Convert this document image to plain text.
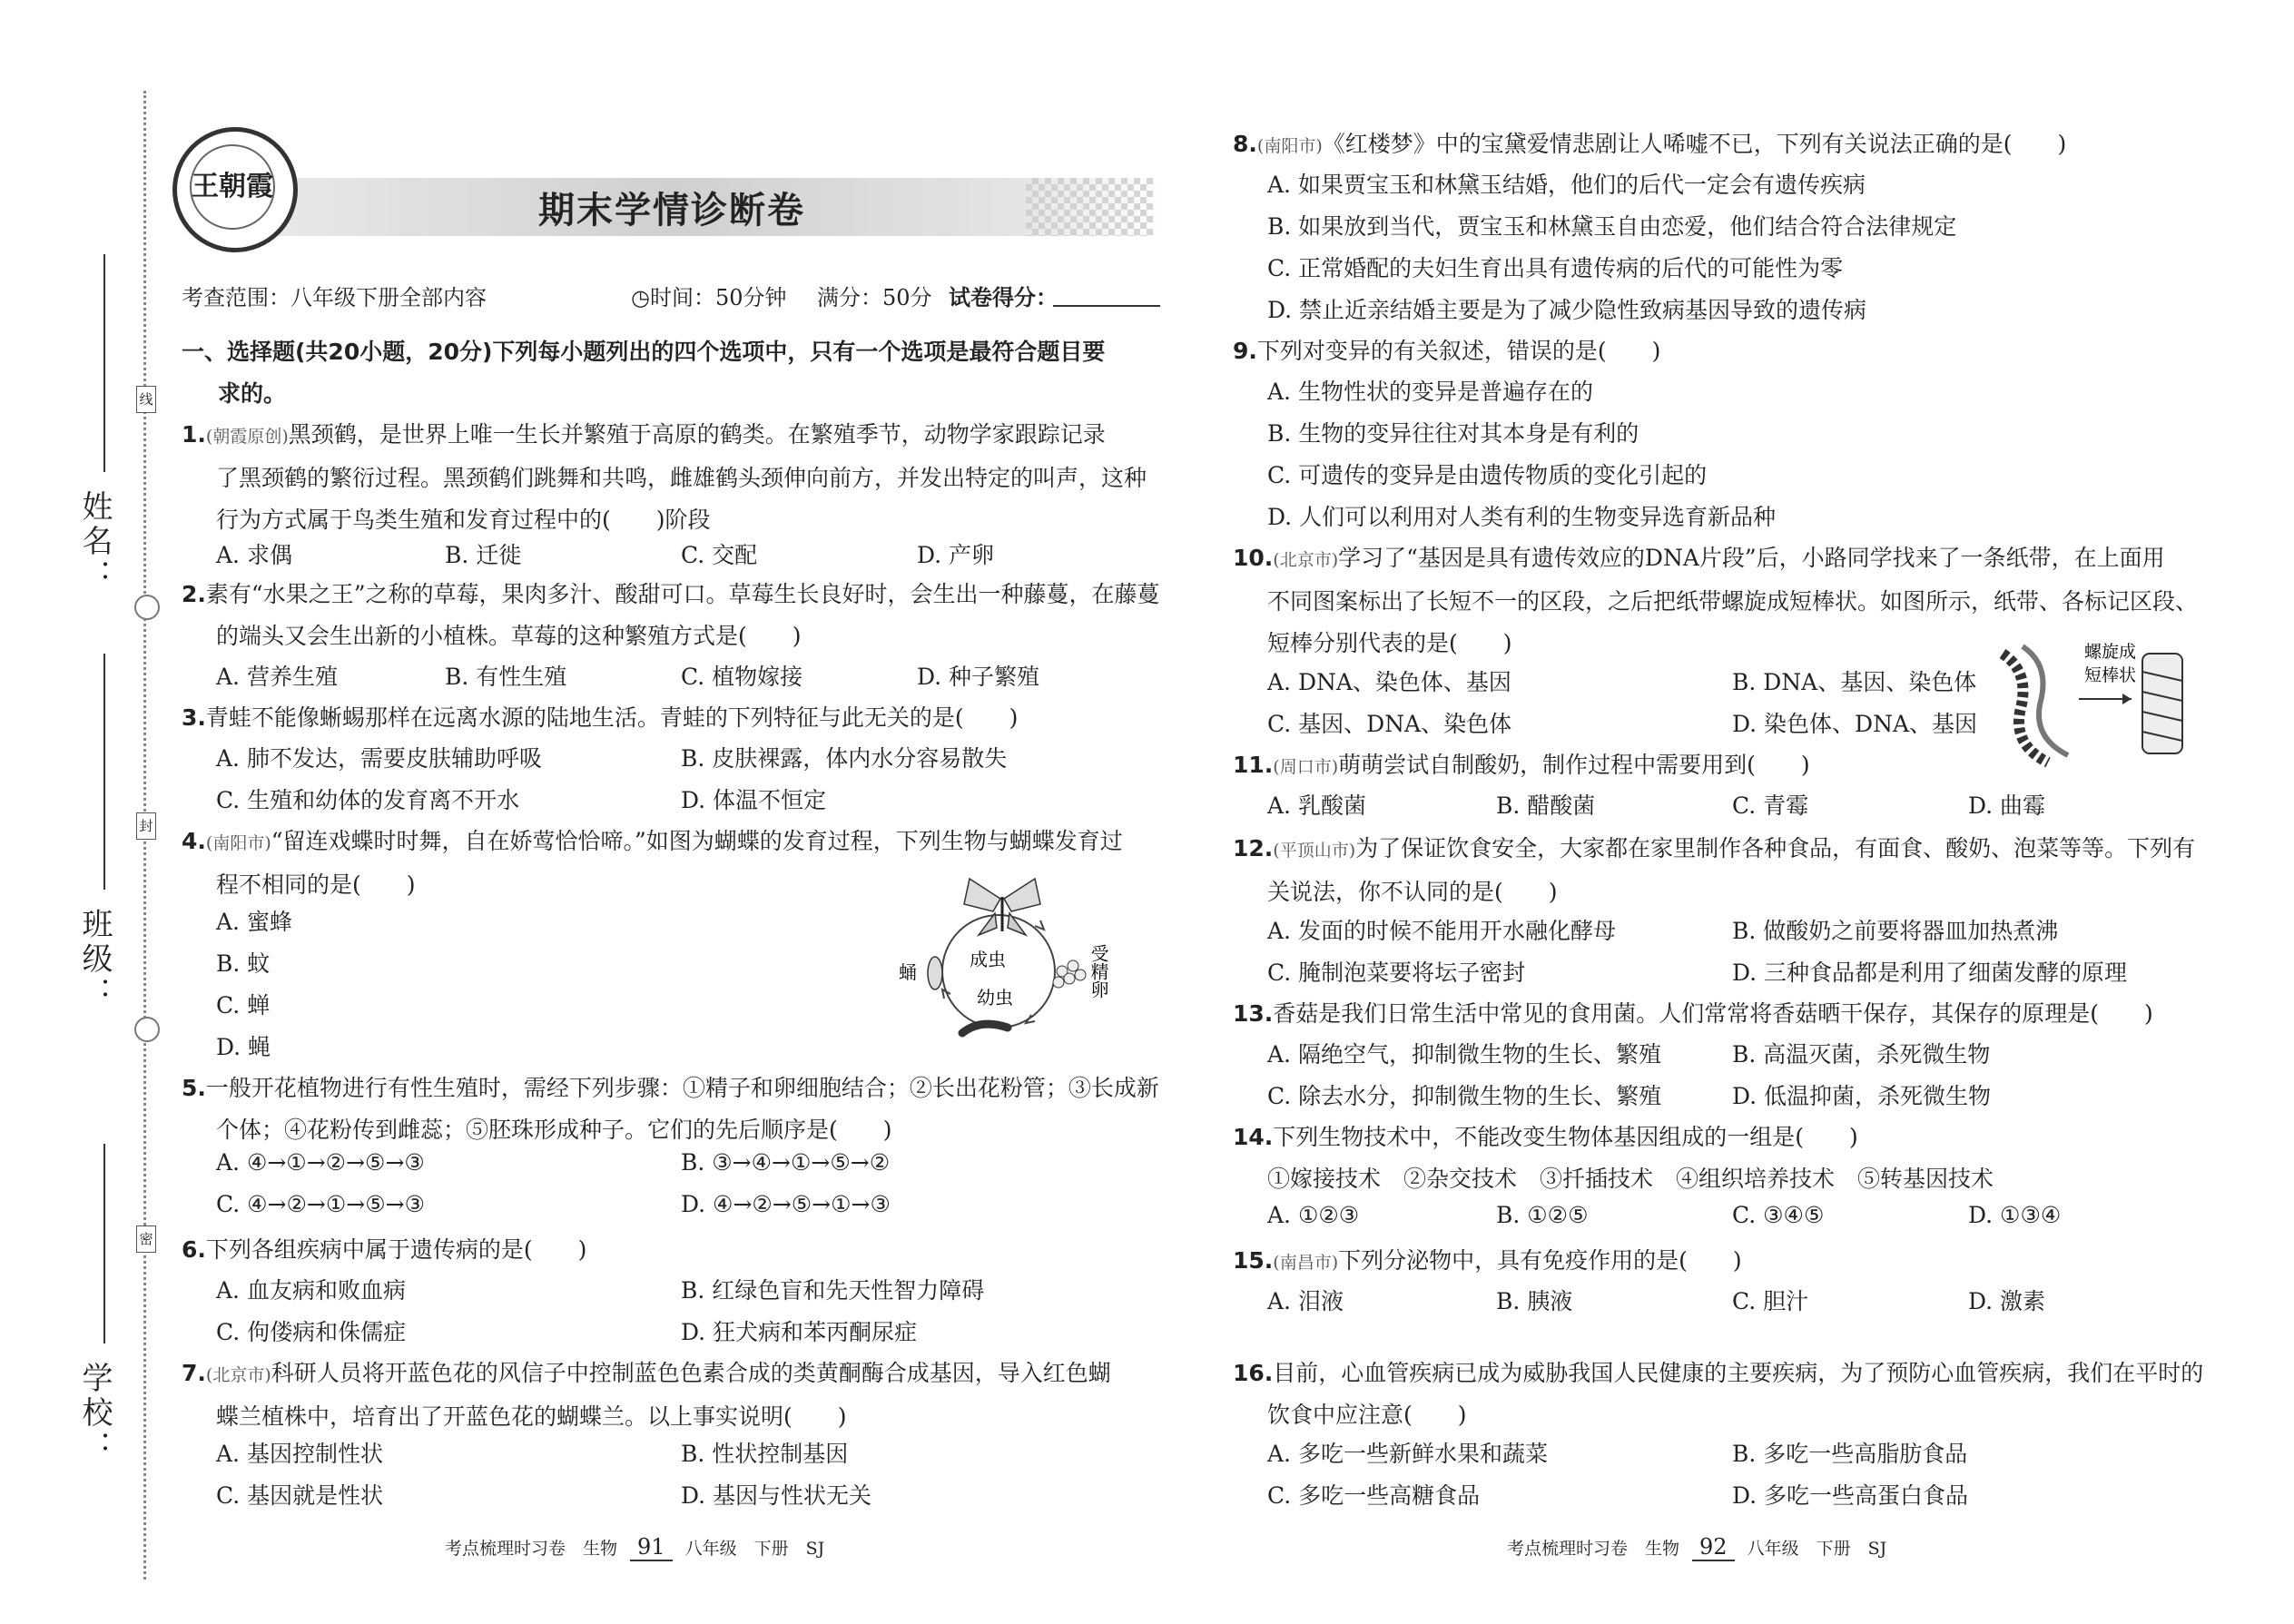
姓名：
班级：
学校：
线
封
密
王朝霞
期末学情诊断卷
考查范围：八年级下册全部内容	◷时间：50分钟 满分：50分 试卷得分：
一、选择题(共20小题，20分)下列每小题列出的四个选项中，只有一个选项是最符合题目要
求的。
1.(朝霞原创)黑颈鹤，是世界上唯一生长并繁殖于高原的鹤类。在繁殖季节，动物学家跟踪记录
了黑颈鹤的繁衍过程。黑颈鹤们跳舞和共鸣，雌雄鹤头颈伸向前方，并发出特定的叫声，这种
行为方式属于鸟类生殖和发育过程中的(　　)阶段
A. 求偶	B. 迁徙	C. 交配	D. 产卵
2.素有“水果之王”之称的草莓，果肉多汁、酸甜可口。草莓生长良好时，会生出一种藤蔓，在藤蔓
的端头又会生出新的小植株。草莓的这种繁殖方式是(　　)
A. 营养生殖	B. 有性生殖	C. 植物嫁接	D. 种子繁殖
3.青蛙不能像蜥蜴那样在远离水源的陆地生活。青蛙的下列特征与此无关的是(　　)
A. 肺不发达，需要皮肤辅助呼吸	B. 皮肤裸露，体内水分容易散失
C. 生殖和幼体的发育离不开水	D. 体温不恒定
4.(南阳市)“留连戏蝶时时舞，自在娇莺恰恰啼。”如图为蝴蝶的发育过程，下列生物与蝴蝶发育过
程不相同的是(　　)
A. 蜜蜂
B. 蚊
C. 蝉
D. 蝇
成虫
幼虫
蛹	受精卵
5.一般开花植物进行有性生殖时，需经下列步骤：①精子和卵细胞结合；②长出花粉管；③长成新
个体；④花粉传到雌蕊；⑤胚珠形成种子。它们的先后顺序是(　　)
A. ④→①→②→⑤→③	B. ③→④→①→⑤→②
C. ④→②→①→⑤→③	D. ④→②→⑤→①→③
6.下列各组疾病中属于遗传病的是(　　)
A. 血友病和败血病	B. 红绿色盲和先天性智力障碍
C. 佝偻病和侏儒症	D. 狂犬病和苯丙酮尿症
7.(北京市)科研人员将开蓝色花的风信子中控制蓝色色素合成的类黄酮酶合成基因，导入红色蝴
蝶兰植株中，培育出了开蓝色花的蝴蝶兰。以上事实说明(　　)
A. 基因控制性状	B. 性状控制基因
C. 基因就是性状	D. 基因与性状无关
考点梳理时习卷　生物 91 八年级　下册　SJ
8.(南阳市)《红楼梦》中的宝黛爱情悲剧让人唏嘘不已，下列有关说法正确的是(　　)
A. 如果贾宝玉和林黛玉结婚，他们的后代一定会有遗传疾病
B. 如果放到当代，贾宝玉和林黛玉自由恋爱，他们结合符合法律规定
C. 正常婚配的夫妇生育出具有遗传病的后代的可能性为零
D. 禁止近亲结婚主要是为了减少隐性致病基因导致的遗传病
9.下列对变异的有关叙述，错误的是(　　)
A. 生物性状的变异是普遍存在的
B. 生物的变异往往对其本身是有利的
C. 可遗传的变异是由遗传物质的变化引起的
D. 人们可以利用对人类有利的生物变异选育新品种
10.(北京市)学习了“基因是具有遗传效应的DNA片段”后，小路同学找来了一条纸带，在上面用
不同图案标出了长短不一的区段，之后把纸带螺旋成短棒状。如图所示，纸带、各标记区段、
短棒分别代表的是(　　)
A. DNA、染色体、基因	B. DNA、基因、染色体
C. 基因、DNA、染色体	D. 染色体、DNA、基因
螺旋成
短棒状
11.(周口市)萌萌尝试自制酸奶，制作过程中需要用到(　　)
A. 乳酸菌	B. 醋酸菌	C. 青霉	D. 曲霉
12.(平顶山市)为了保证饮食安全，大家都在家里制作各种食品，有面食、酸奶、泡菜等等。下列有
关说法，你不认同的是(　　)
A. 发面的时候不能用开水融化酵母	B. 做酸奶之前要将器皿加热煮沸
C. 腌制泡菜要将坛子密封	D. 三种食品都是利用了细菌发酵的原理
13.香菇是我们日常生活中常见的食用菌。人们常常将香菇晒干保存，其保存的原理是(　　)
A. 隔绝空气，抑制微生物的生长、繁殖	B. 高温灭菌，杀死微生物
C. 除去水分，抑制微生物的生长、繁殖	D. 低温抑菌，杀死微生物
14.下列生物技术中，不能改变生物体基因组成的一组是(　　)
①嫁接技术　②杂交技术　③扦插技术　④组织培养技术　⑤转基因技术
A. ①②③	B. ①②⑤	C. ③④⑤	D. ①③④
15.(南昌市)下列分泌物中，具有免疫作用的是(　　)
A. 泪液	B. 胰液	C. 胆汁	D. 激素
16.目前，心血管疾病已成为威胁我国人民健康的主要疾病，为了预防心血管疾病，我们在平时的
饮食中应注意(　　)
A. 多吃一些新鲜水果和蔬菜	B. 多吃一些高脂肪食品
C. 多吃一些高糖食品	D. 多吃一些高蛋白食品
考点梳理时习卷　生物 92 八年级　下册　SJ
